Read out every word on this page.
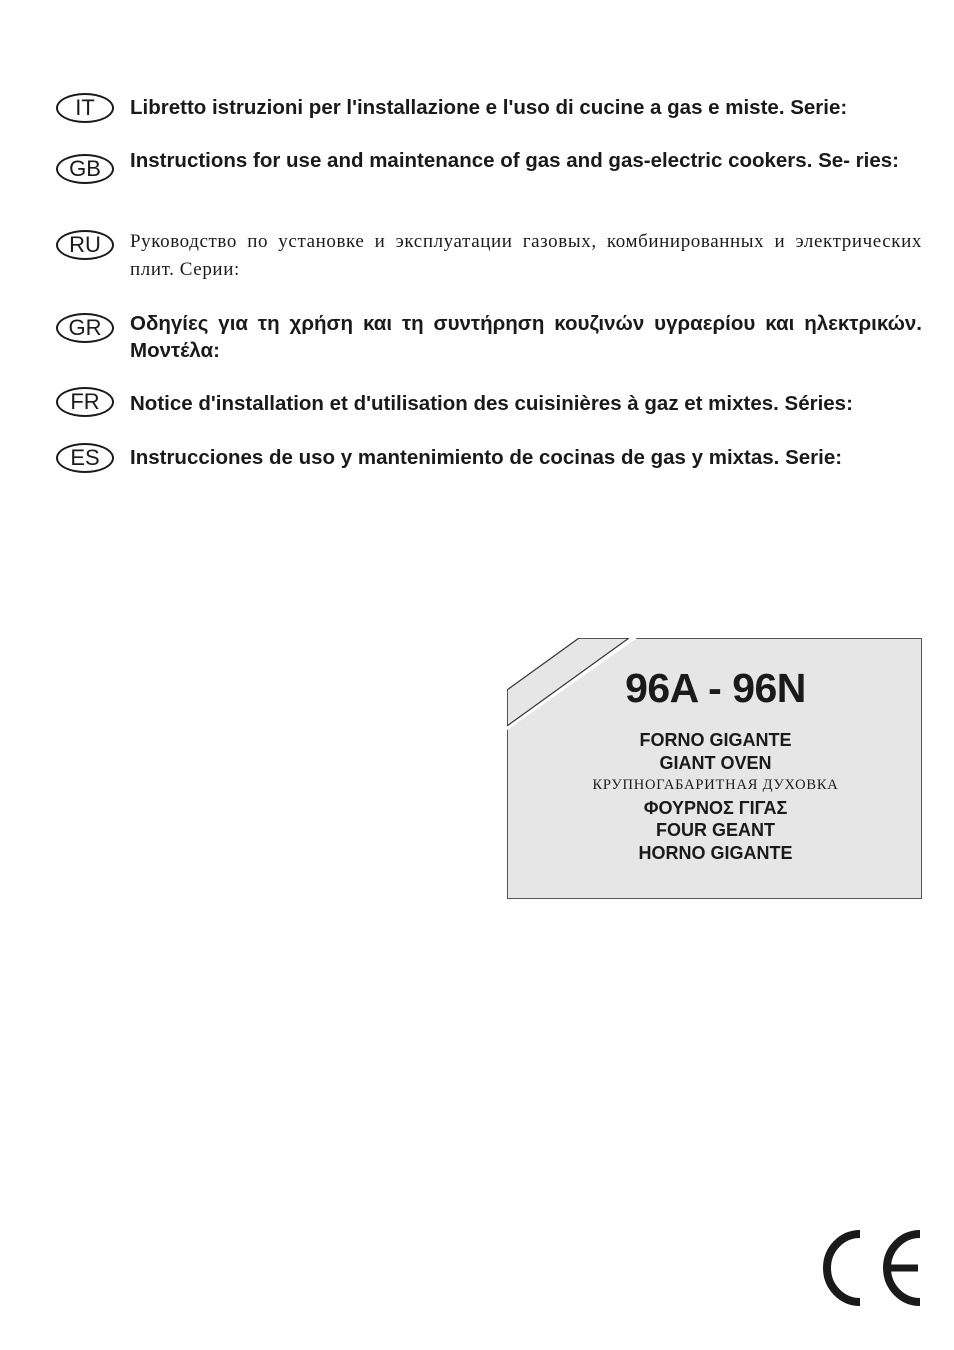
IT	Libretto istruzioni per l'installazione e l'uso di cucine a gas e miste. Serie:
GB	Instructions for use and maintenance of gas and gas-electric cookers. Se- ries:
RU	Руководство по установке и эксплуатации газовых, комбинированных и электрических плит. Серии:
GR	Οδηγίες για τη χρήση και τη συντήρηση κουζινών υγραερίου και ηλεκτρικών. Μοντέλα:
FR	Notice d'installation et d'utilisation des cuisinières à gaz et mixtes. Séries:
ES	Instrucciones de uso y mantenimiento de cocinas de gas y mixtas. Serie:
96A - 96N
FORNO GIGANTE
GIANT OVEN
КРУПНОГАБАРИТНАЯ ДУХОВКА
ΦΟΥΡΝΟΣ ΓΙΓΑΣ
FOUR GEANT
HORNO GIGANTE
